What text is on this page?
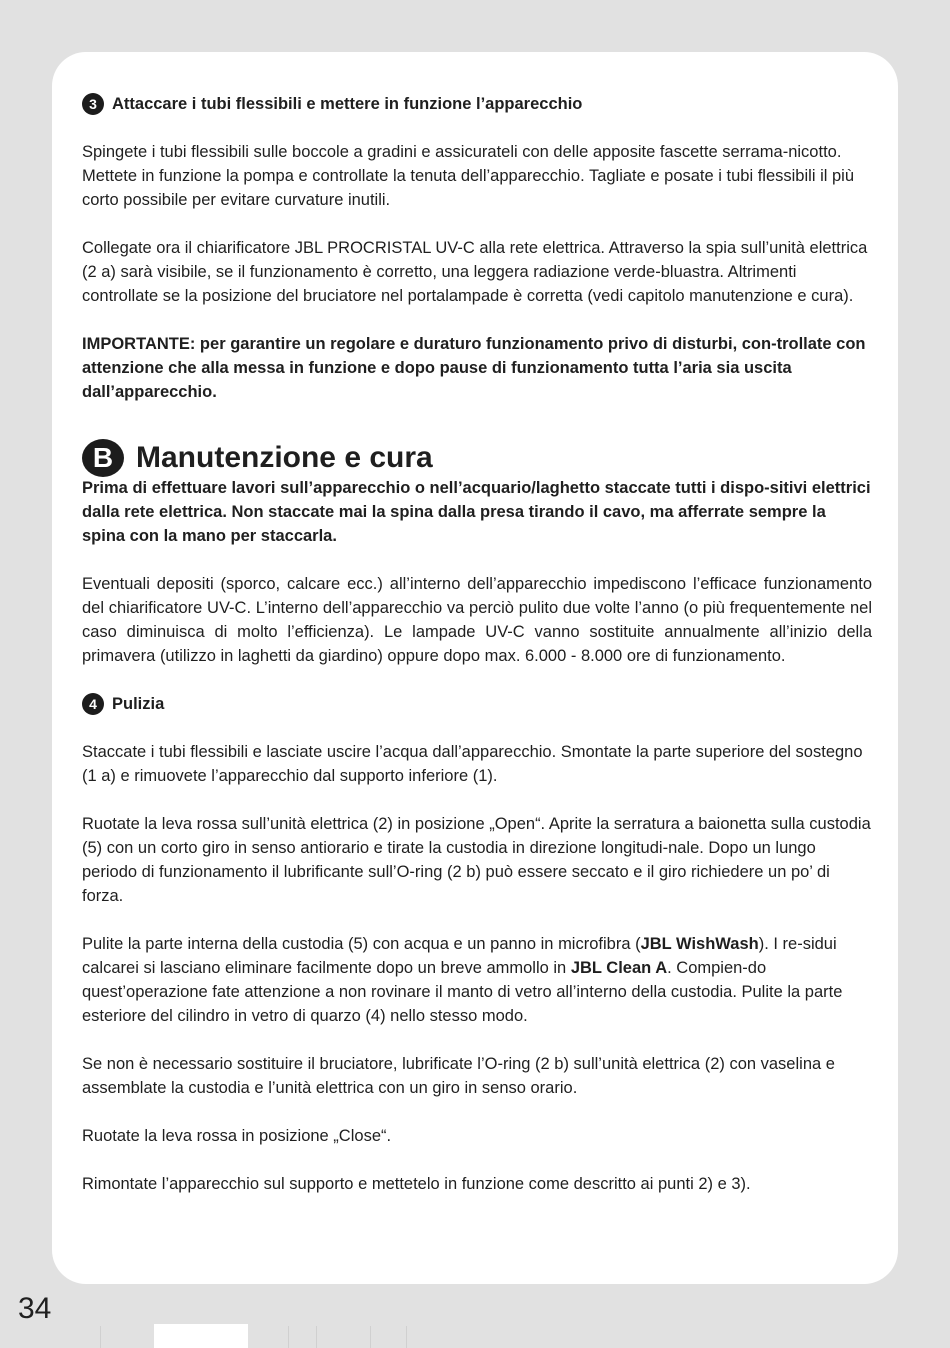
3 Attaccare i tubi flessibili e mettere in funzione l’apparecchio

Spingete i tubi flessibili sulle boccole a gradini e assicurateli con delle apposite fascette serrama-nicotto. Mettete in funzione la pompa e controllate la tenuta dell’apparecchio. Tagliate e posate i tubi flessibili il più corto possibile per evitare curvature inutili.

Collegate ora il chiarificatore JBL PROCRISTAL UV-C alla rete elettrica. Attraverso la spia sull’unità elettrica (2 a) sarà visibile, se il funzionamento è corretto, una leggera radiazione verde-bluastra. Altrimenti controllate se la posizione del bruciatore nel portalampade è corretta (vedi capitolo manutenzione e cura).

IMPORTANTE: per garantire un regolare e duraturo funzionamento privo di disturbi, con-trollate con attenzione che alla messa in funzione e dopo pause di funzionamento tutta l’aria sia uscita dall’apparecchio.

B Manutenzione e cura

Prima di effettuare lavori sull’apparecchio o nell’acquario/laghetto staccate tutti i dispo-sitivi elettrici dalla rete elettrica. Non staccate mai la spina dalla presa tirando il cavo, ma afferrate sempre la spina con la mano per staccarla.

Eventuali depositi (sporco, calcare ecc.) all’interno dell’apparecchio impediscono l’efficace funzionamento del chiarificatore UV-C. L’interno dell’apparecchio va perciò pulito due volte l’anno (o più frequentemente nel caso diminuisca di molto l’efficienza). Le lampade UV-C vanno sostituite annualmente all’inizio della primavera (utilizzo in laghetti da giardino) oppure dopo max. 6.000 - 8.000 ore di funzionamento.

4 Pulizia

Staccate i tubi flessibili e lasciate uscire l’acqua dall’apparecchio. Smontate la parte superiore del sostegno (1 a) e rimuovete l’apparecchio dal supporto inferiore (1).

Ruotate la leva rossa sull’unità elettrica (2) in posizione „Open“. Aprite la serratura a baionetta sulla custodia (5) con un corto giro in senso antiorario e tirate la custodia in direzione longitudi-nale. Dopo un lungo periodo di funzionamento il lubrificante sull’O-ring (2 b) può essere seccato e il giro richiedere un po’ di forza.

Pulite la parte interna della custodia (5) con acqua e un panno in microfibra (JBL WishWash). I re-sidui calcarei si lasciano eliminare facilmente dopo un breve ammollo in JBL Clean A. Compien-do quest’operazione fate attenzione a non rovinare il manto di vetro all’interno della custodia. Pulite la parte esteriore del cilindro in vetro di quarzo (4) nello stesso modo.

Se non è necessario sostituire il bruciatore, lubrificate l’O-ring (2 b) sull’unità elettrica (2) con vaselina e assemblate la custodia e l’unità elettrica con un giro in senso orario.

Ruotate la leva rossa in posizione „Close“.

Rimontate l’apparecchio sul supporto e mettetelo in funzione come descritto ai punti 2) e 3).

34
